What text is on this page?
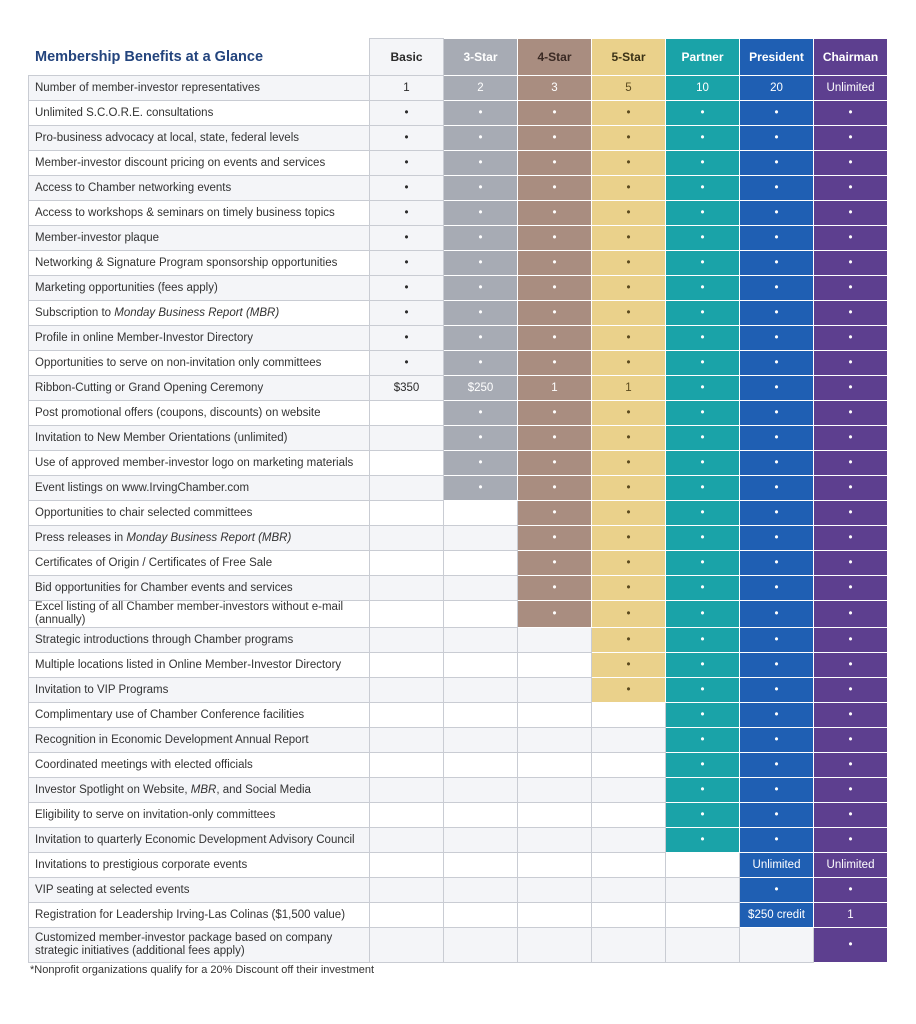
Membership Benefits at a Glance	Basic	3-Star	4-Star	5-Star	Partner	President	Chairman
Number of member-investor representatives	1	2	3	5	10	20	Unlimited
Unlimited S.C.O.R.E. consultations	•	•	•	•	•	•	•
Pro-business advocacy at local, state, federal levels	•	•	•	•	•	•	•
Member-investor discount pricing on events and services	•	•	•	•	•	•	•
Access to Chamber networking events	•	•	•	•	•	•	•
Access to workshops & seminars on timely business topics	•	•	•	•	•	•	•
Member-investor plaque	•	•	•	•	•	•	•
Networking & Signature Program sponsorship opportunities	•	•	•	•	•	•	•
Marketing opportunities (fees apply)	•	•	•	•	•	•	•
Subscription to Monday Business Report (MBR)	•	•	•	•	•	•	•
Profile in online Member-Investor Directory	•	•	•	•	•	•	•
Opportunities to serve on non-invitation only committees	•	•	•	•	•	•	•
Ribbon-Cutting or Grand Opening Ceremony	$350	$250	1	1	•	•	•
Post promotional offers (coupons, discounts) on website		•	•	•	•	•	•
Invitation to New Member Orientations (unlimited)		•	•	•	•	•	•
Use of approved member-investor logo on marketing materials		•	•	•	•	•	•
Event listings on www.IrvingChamber.com		•	•	•	•	•	•
Opportunities to chair selected committees			•	•	•	•	•
Press releases in Monday Business Report (MBR)			•	•	•	•	•
Certificates of Origin / Certificates of Free Sale			•	•	•	•	•
Bid opportunities for Chamber events and services			•	•	•	•	•
Excel listing of all Chamber member-investors without e-mail (annually)			•	•	•	•	•
Strategic introductions through Chamber programs				•	•	•	•
Multiple locations listed in Online Member-Investor Directory				•	•	•	•
Invitation to VIP Programs				•	•	•	•
Complimentary use of Chamber Conference facilities					•	•	•
Recognition in Economic Development Annual Report					•	•	•
Coordinated meetings with elected officials					•	•	•
Investor Spotlight on Website, MBR, and Social Media					•	•	•
Eligibility to serve on invitation-only committees					•	•	•
Invitation to quarterly Economic Development Advisory Council					•	•	•
Invitations to prestigious corporate events						Unlimited	Unlimited
VIP seating at selected events						•	•
Registration for Leadership Irving-Las Colinas ($1,500 value)						$250 credit	1
Customized member-investor package based on company strategic initiatives (additional fees apply)							•
*Nonprofit organizations qualify for a 20% Discount off their investment
